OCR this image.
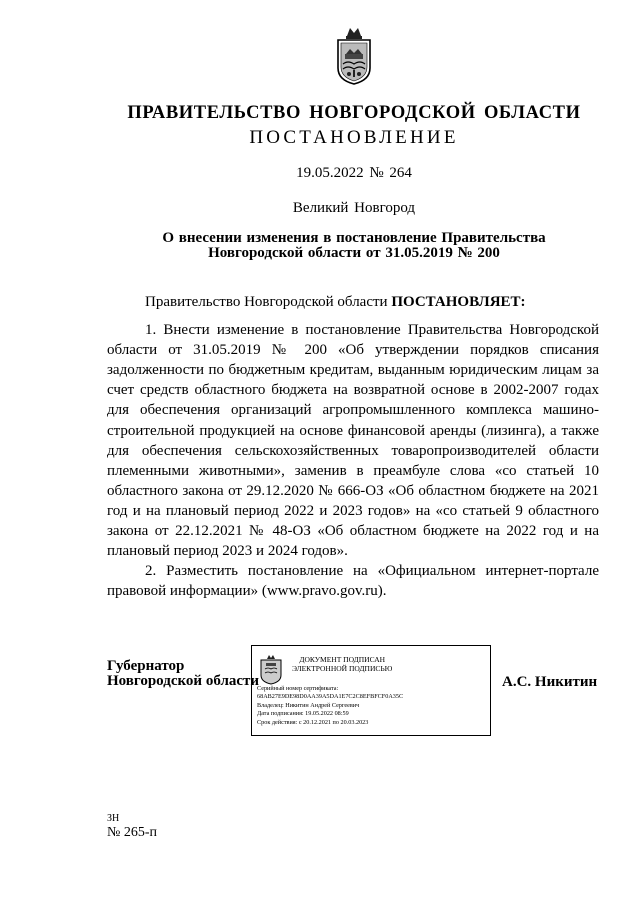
ПРАВИТЕЛЬСТВО НОВГОРОДСКОЙ ОБЛАСТИ
ПОСТАНОВЛЕНИЕ
19.05.2022 № 264
Великий Новгород
О внесении изменения в постановление Правительства
Новгородской области от 31.05.2019 № 200

Правительство Новгородской области ПОСТАНОВЛЯЕТ:

1. Внести изменение в постановление Правительства Новгородской области от 31.05.2019 № 200 «Об утверждении порядков списания задолженности по бюджетным кредитам, выданным юридическим лицам за счет средств областного бюджета на возвратной основе в 2002-2007 годах для обеспечения организаций агропромышленного комплекса машино-строительной продукцией на основе финансовой аренды (лизинга), а также для обеспечения сельскохозяйственных товаропроизводителей области племенными животными», заменив в преамбуле слова «со статьей 10 областного закона от 29.12.2020 № 666-ОЗ «Об областном бюджете на 2021 год и на плановый период 2022 и 2023 годов» на «со статьей 9 областного закона от 22.12.2021 № 48-ОЗ «Об областном бюджете на 2022 год и на плановый период 2023 и 2024 годов».

2. Разместить постановление на «Официальном интернет-портале правовой информации» (www.pravo.gov.ru).

Губернатор
Новгородской области
ДОКУМЕНТ ПОДПИСАН
ЭЛЕКТРОННОЙ ПОДПИСЬЮ
Серийный номер сертификата:
68AB27E9DE98D0AA39A5DA1E7C2C8EFBFCF0A35C
Владелец: Никитин Андрей Сергеевич
Дата подписания: 19.05.2022 08:59
Срок действия: с 20.12.2021 по 20.03.2023
А.С. Никитин
ЗН
№ 265-п
